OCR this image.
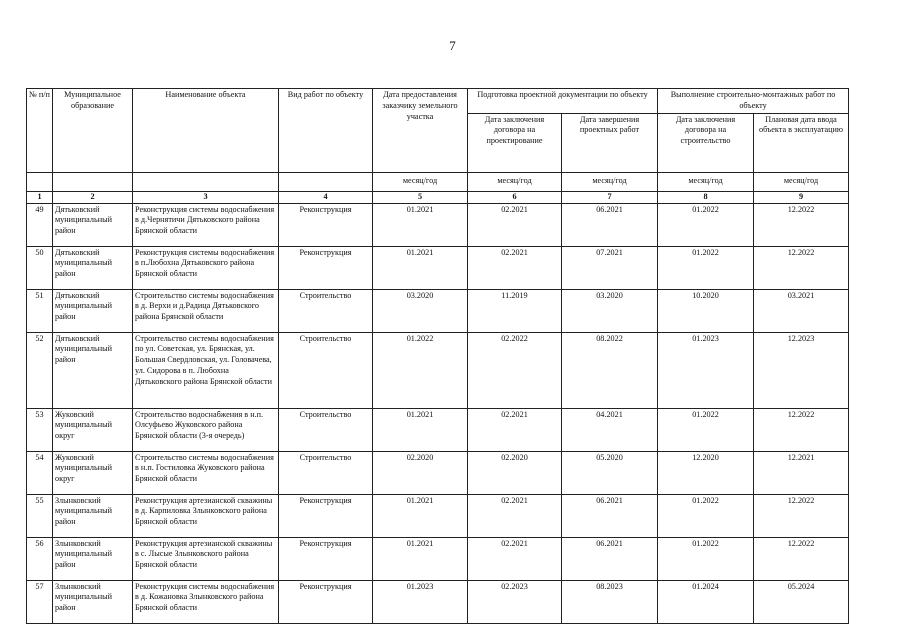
7
№ п/п	Муниципальное образование	Наименование объекта	Вид работ по объекту	Дата предоставления заказчику земельного участка	Подготовка проектной документации по объекту		Выполнение строительно-монтажных работ по объекту	
					Дата заключения договора на проектирование	Дата завершения проектных работ	Дата заключения договора на строительство	Плановая дата ввода объекта в эксплуатацию
				месяц/год	месяц/год	месяц/год	месяц/год	месяц/год
1	2	3	4	5	6	7	8	9
49	Дятьковский муниципальный район	Реконструкция системы водоснабжения в д.Чернятичи Дятьковского района Брянской области	Реконструкция	01.2021	02.2021	06.2021	01.2022	12.2022
50	Дятьковский муниципальный район	Реконструкция системы водоснабжения в п.Любохна Дятьковского района Брянской области	Реконструкция	01.2021	02.2021	07.2021	01.2022	12.2022
51	Дятьковский муниципальный район	Строительство системы водоснабжения в д. Верхи и д.Радица Дятьковского района Брянской области	Строительство	03.2020	11.2019	03.2020	10.2020	03.2021
52	Дятьковский муниципальный район	Строительство системы водоснабжения по ул. Советская, ул. Брянская, ул. Большая Свердловская, ул. Головачева, ул. Сидорова в п. Любохна Дятьковского района Брянской области	Строительство	01.2022	02.2022	08.2022	01.2023	12.2023
53	Жуковский муниципальный округ	Строительство водоснабжения в н.п. Олсуфьево Жуковского района Брянской области (3-я очередь)	Строительство	01.2021	02.2021	04.2021	01.2022	12.2022
54	Жуковский муниципальный округ	Строительство системы водоснабжения в н.п. Гостиловка Жуковского района Брянской области	Строительство	02.2020	02.2020	05.2020	12.2020	12.2021
55	Злынковский муниципальный район	Реконструкция артезианской скважины в д. Карпиловка Злынковского района Брянской области	Реконструкция	01.2021	02.2021	06.2021	01.2022	12.2022
56	Злынковский муниципальный район	Реконструкция артезианской скважины в с. Лысые Злынковского района Брянской области	Реконструкция	01.2021	02.2021	06.2021	01.2022	12.2022
57	Злынковский муниципальный район	Реконструкция системы водоснабжения в д. Кожановка Злынковского района Брянской области	Реконструкция	01.2023	02.2023	08.2023	01.2024	05.2024
